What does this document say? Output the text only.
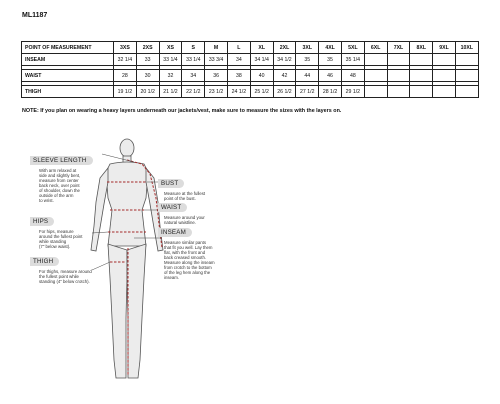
ML1187
POINT OF MEASUREMENT	3XS	2XS	XS	S	M	L	XL	2XL	3XL	4XL	5XL	6XL	7XL	8XL	9XL	10XL
INSEAM	32 1/4	33	33 1/4	33 1/4	33 3/4	34	34 1/4	34 1/2	35	35	35 1/4					

WAIST	28	30	32	34	36	38	40	42	44	46	48					

THIGH	19 1/2	20 1/2	21 1/2	22 1/2	23 1/2	24 1/2	25 1/2	26 1/2	27 1/2	28 1/2	29 1/2					
NOTE: If you plan on wearing a heavy layers underneath our jackets/vest, make sure to measure the sizes with the layers on.
SLEEVE LENGTH
With arm relaxed at
side and slightly bent,
measure from center
back neck, over point
of shoulder, down the
outside of the arm
to wrist.
HIPS
For hips, measure
around the fullest point
while standing
(7" below waist).
THIGH
For thighs, measure around
the fullest point while
standing (4" below crotch).
BUST
Measure at the fullest
point of the bust.
WAIST
Measure around your
natural waistline.
INSEAM
Measure similar pants
that fit you well. Lay them
flat, with the front and
back creased smooth.
Measure along the inseam
from crotch to the bottom
of the leg hem along the
inseam.
